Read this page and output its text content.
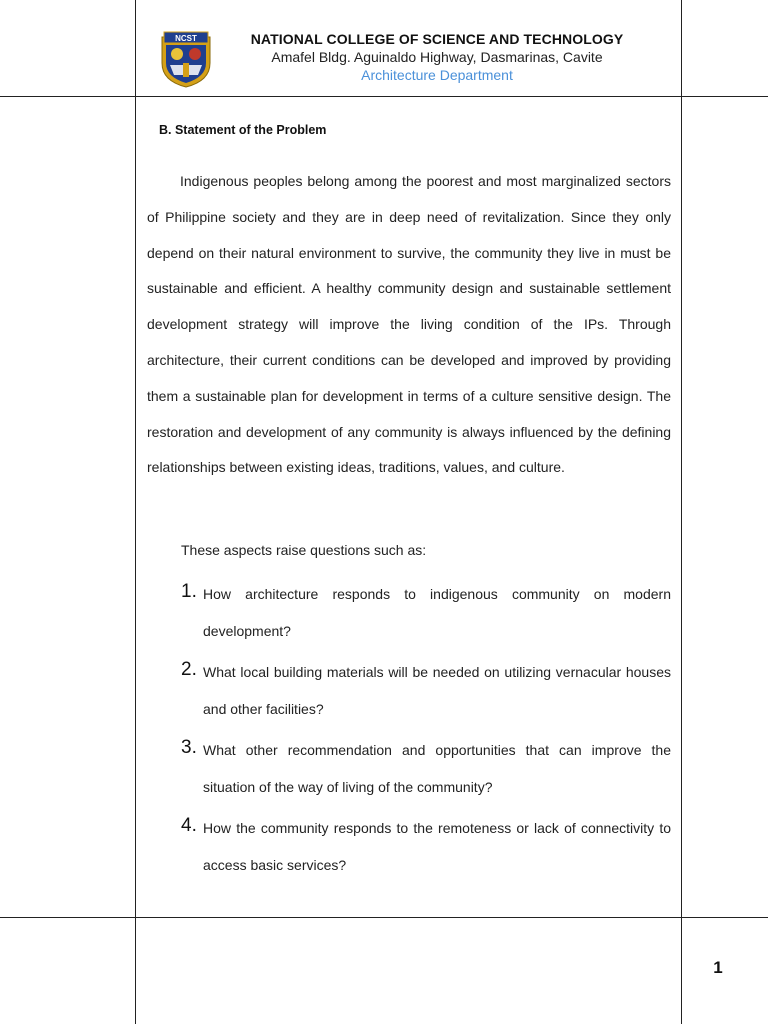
NCST	NATIONAL COLLEGE OF SCIENCE AND TECHNOLOGY
Amafel Bldg. Aguinaldo Highway, Dasmarinas, Cavite
Architecture Department
B. Statement of the Problem

Indigenous peoples belong among the poorest and most marginalized sectors of Philippine society and they are in deep need of revitalization. Since they only depend on their natural environment to survive, the community they live in must be sustainable and efficient. A healthy community design and sustainable settlement development strategy will improve the living condition of the IPs. Through architecture, their current conditions can be developed and improved by providing them a sustainable plan for development in terms of a culture sensitive design. The restoration and development of any community is always influenced by the defining relationships between existing ideas, traditions, values, and culture.

These aspects raise questions such as:

1. How architecture responds to indigenous community on modern development?
2. What local building materials will be needed on utilizing vernacular houses and other facilities?
3. What other recommendation and opportunities that can improve the situation of the way of living of the community?
4. How the community responds to the remoteness or lack of connectivity to access basic services?
1
